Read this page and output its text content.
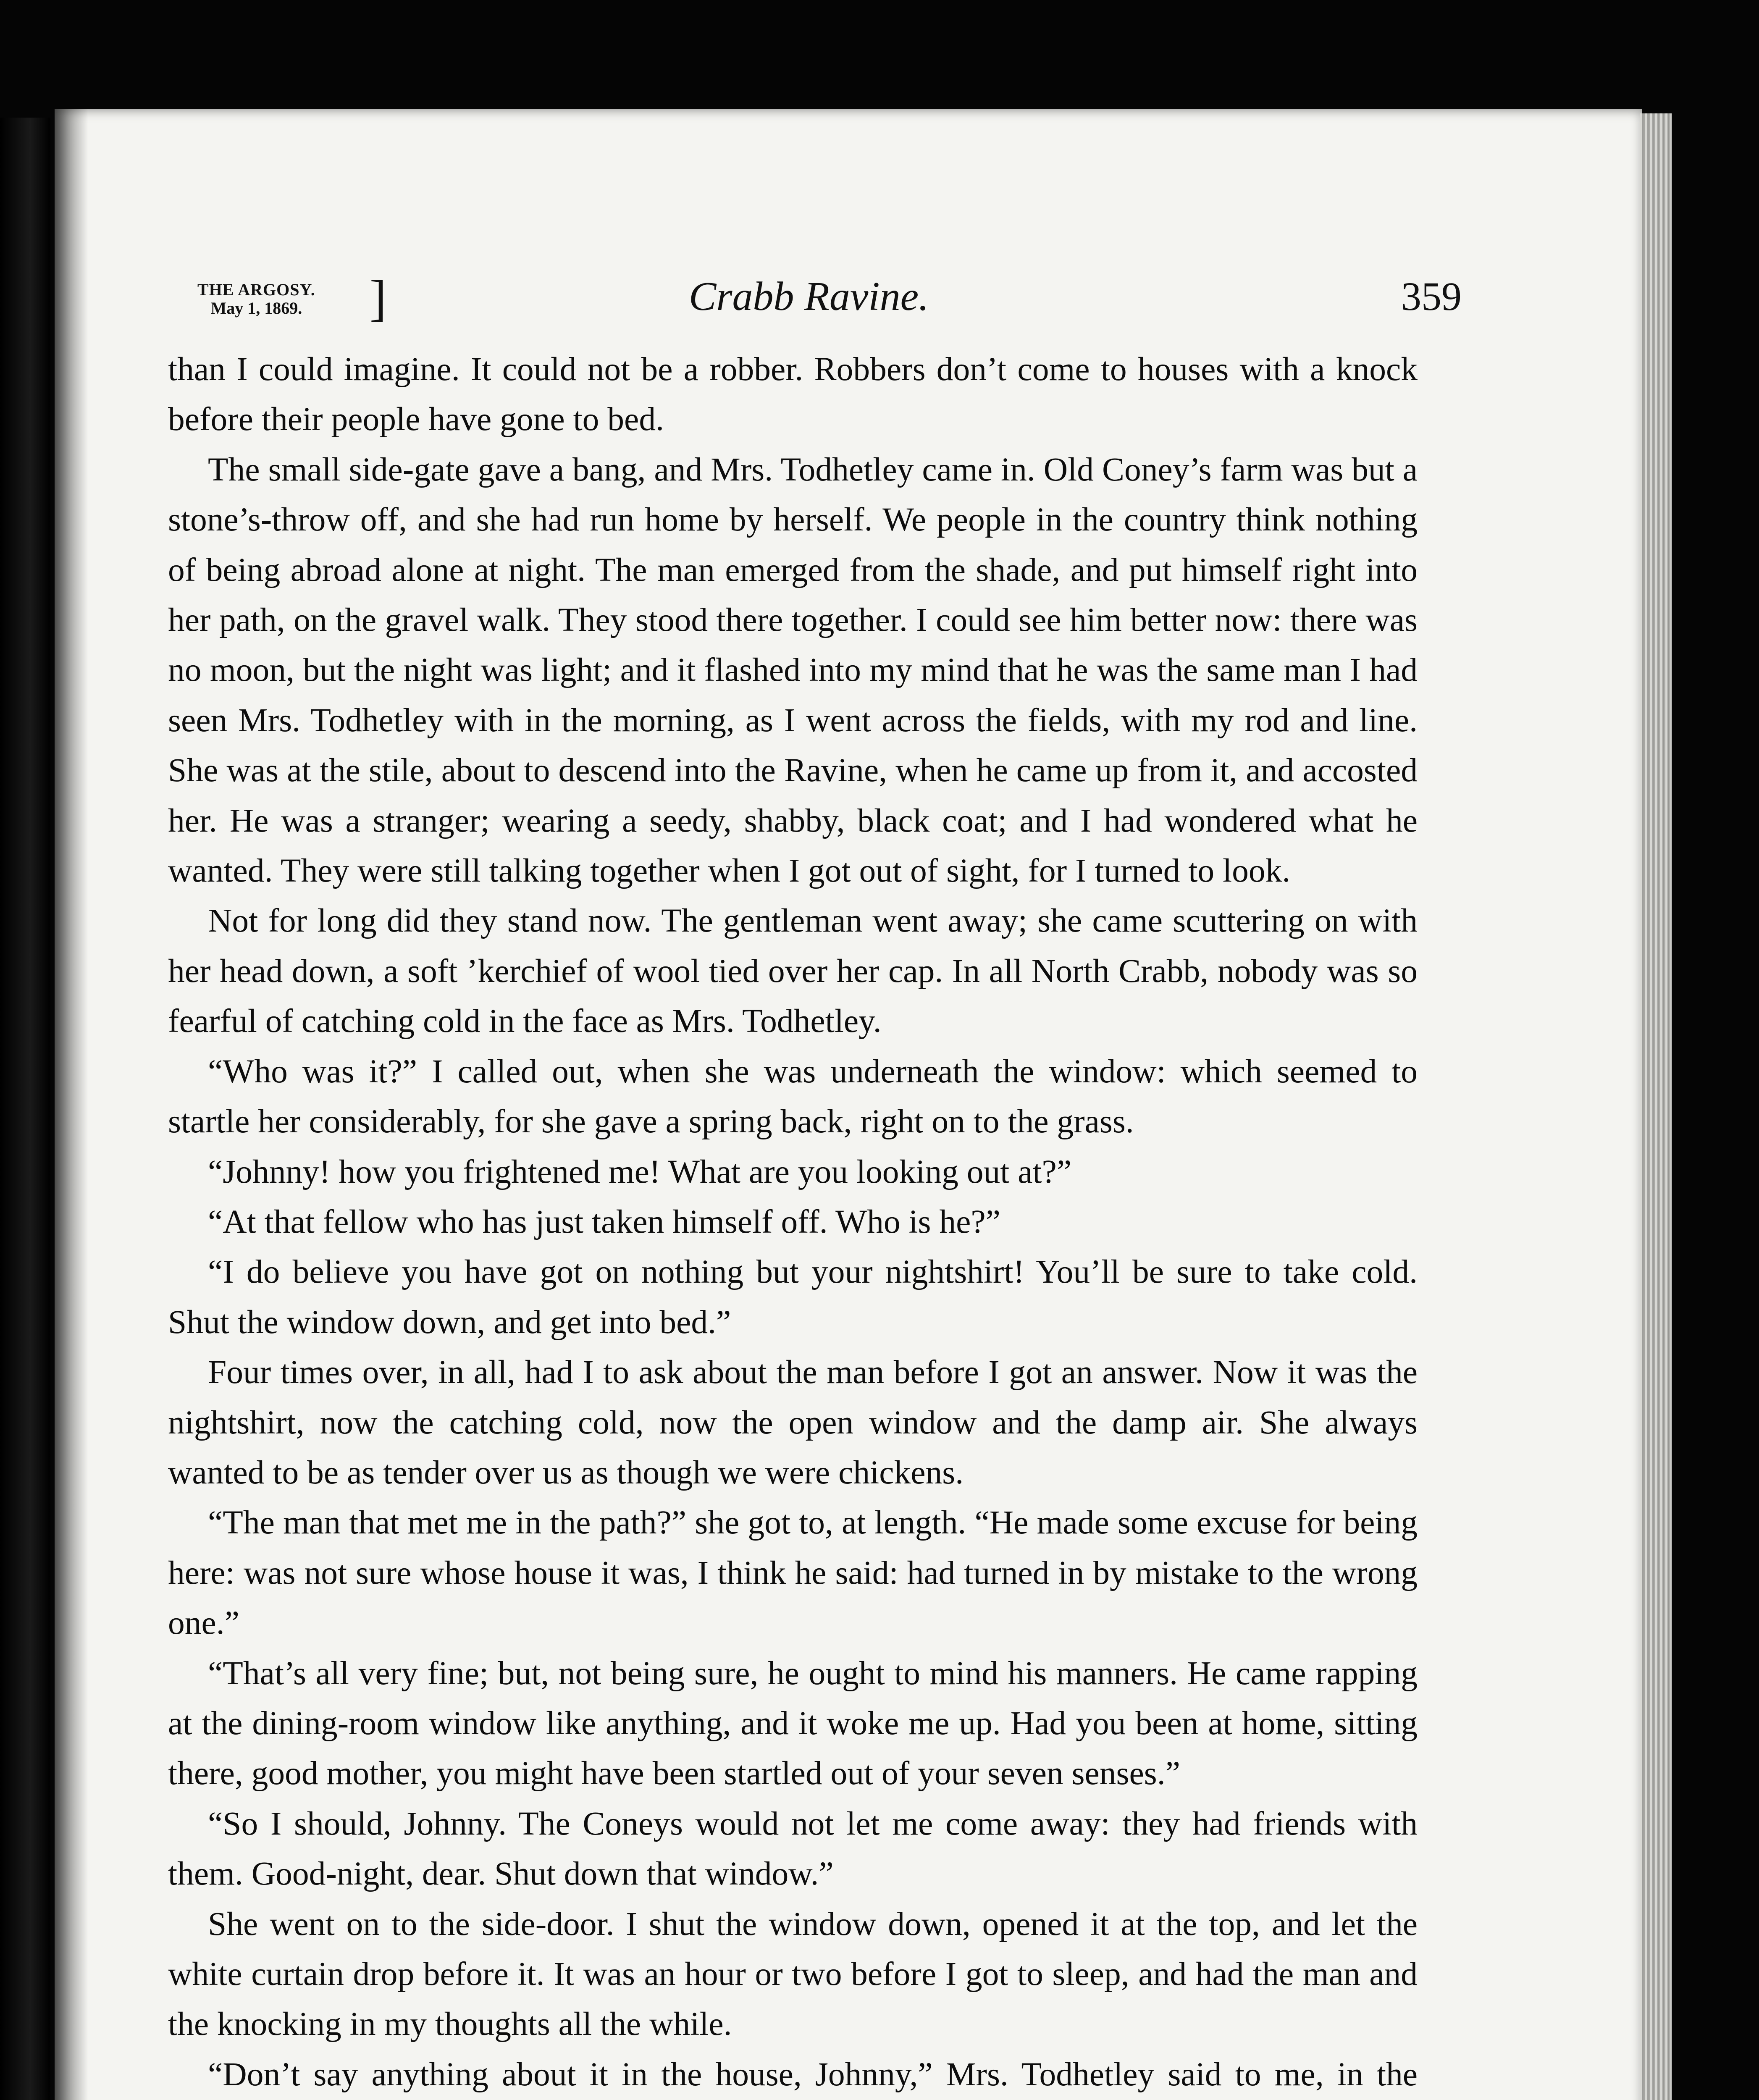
THE ARGOSY.
May 1, 1869. ]	Crabb Ravine.	359

than I could imagine. It could not be a robber. Robbers don’t come to houses with a knock before their people have gone to bed.

The small side-gate gave a bang, and Mrs. Todhetley came in. Old Coney’s farm was but a stone’s-throw off, and she had run home by herself. We people in the country think nothing of being abroad alone at night. The man emerged from the shade, and put himself right into her path, on the gravel walk. They stood there together. I could see him better now: there was no moon, but the night was light; and it flashed into my mind that he was the same man I had seen Mrs. Todhetley with in the morning, as I went across the fields, with my rod and line. She was at the stile, about to descend into the Ravine, when he came up from it, and accosted her. He was a stranger; wearing a seedy, shabby, black coat; and I had wondered what he wanted. They were still talking together when I got out of sight, for I turned to look.

Not for long did they stand now. The gentleman went away; she came scuttering on with her head down, a soft ’kerchief of wool tied over her cap. In all North Crabb, nobody was so fearful of catching cold in the face as Mrs. Todhetley.

“Who was it?” I called out, when she was underneath the window: which seemed to startle her considerably, for she gave a spring back, right on to the grass.

“Johnny! how you frightened me! What are you looking out at?”

“At that fellow who has just taken himself off. Who is he?”

“I do believe you have got on nothing but your nightshirt! You’ll be sure to take cold. Shut the window down, and get into bed.”

Four times over, in all, had I to ask about the man before I got an answer. Now it was the nightshirt, now the catching cold, now the open window and the damp air. She always wanted to be as tender over us as though we were chickens.

“The man that met me in the path?” she got to, at length. “He made some excuse for being here: was not sure whose house it was, I think he said: had turned in by mistake to the wrong one.”

“That’s all very fine; but, not being sure, he ought to mind his manners. He came rapping at the dining-room window like anything, and it woke me up. Had you been at home, sitting there, good mother, you might have been startled out of your seven senses.”

“So I should, Johnny. The Coneys would not let me come away: they had friends with them. Good-night, dear. Shut down that window.”

She went on to the side-door. I shut the window down, opened it at the top, and let the white curtain drop before it. It was an hour or two before I got to sleep, and had the man and the knocking in my thoughts all the while.

“Don’t say anything about it in the house, Johnny,” Mrs. Todhetley said to me, in the
